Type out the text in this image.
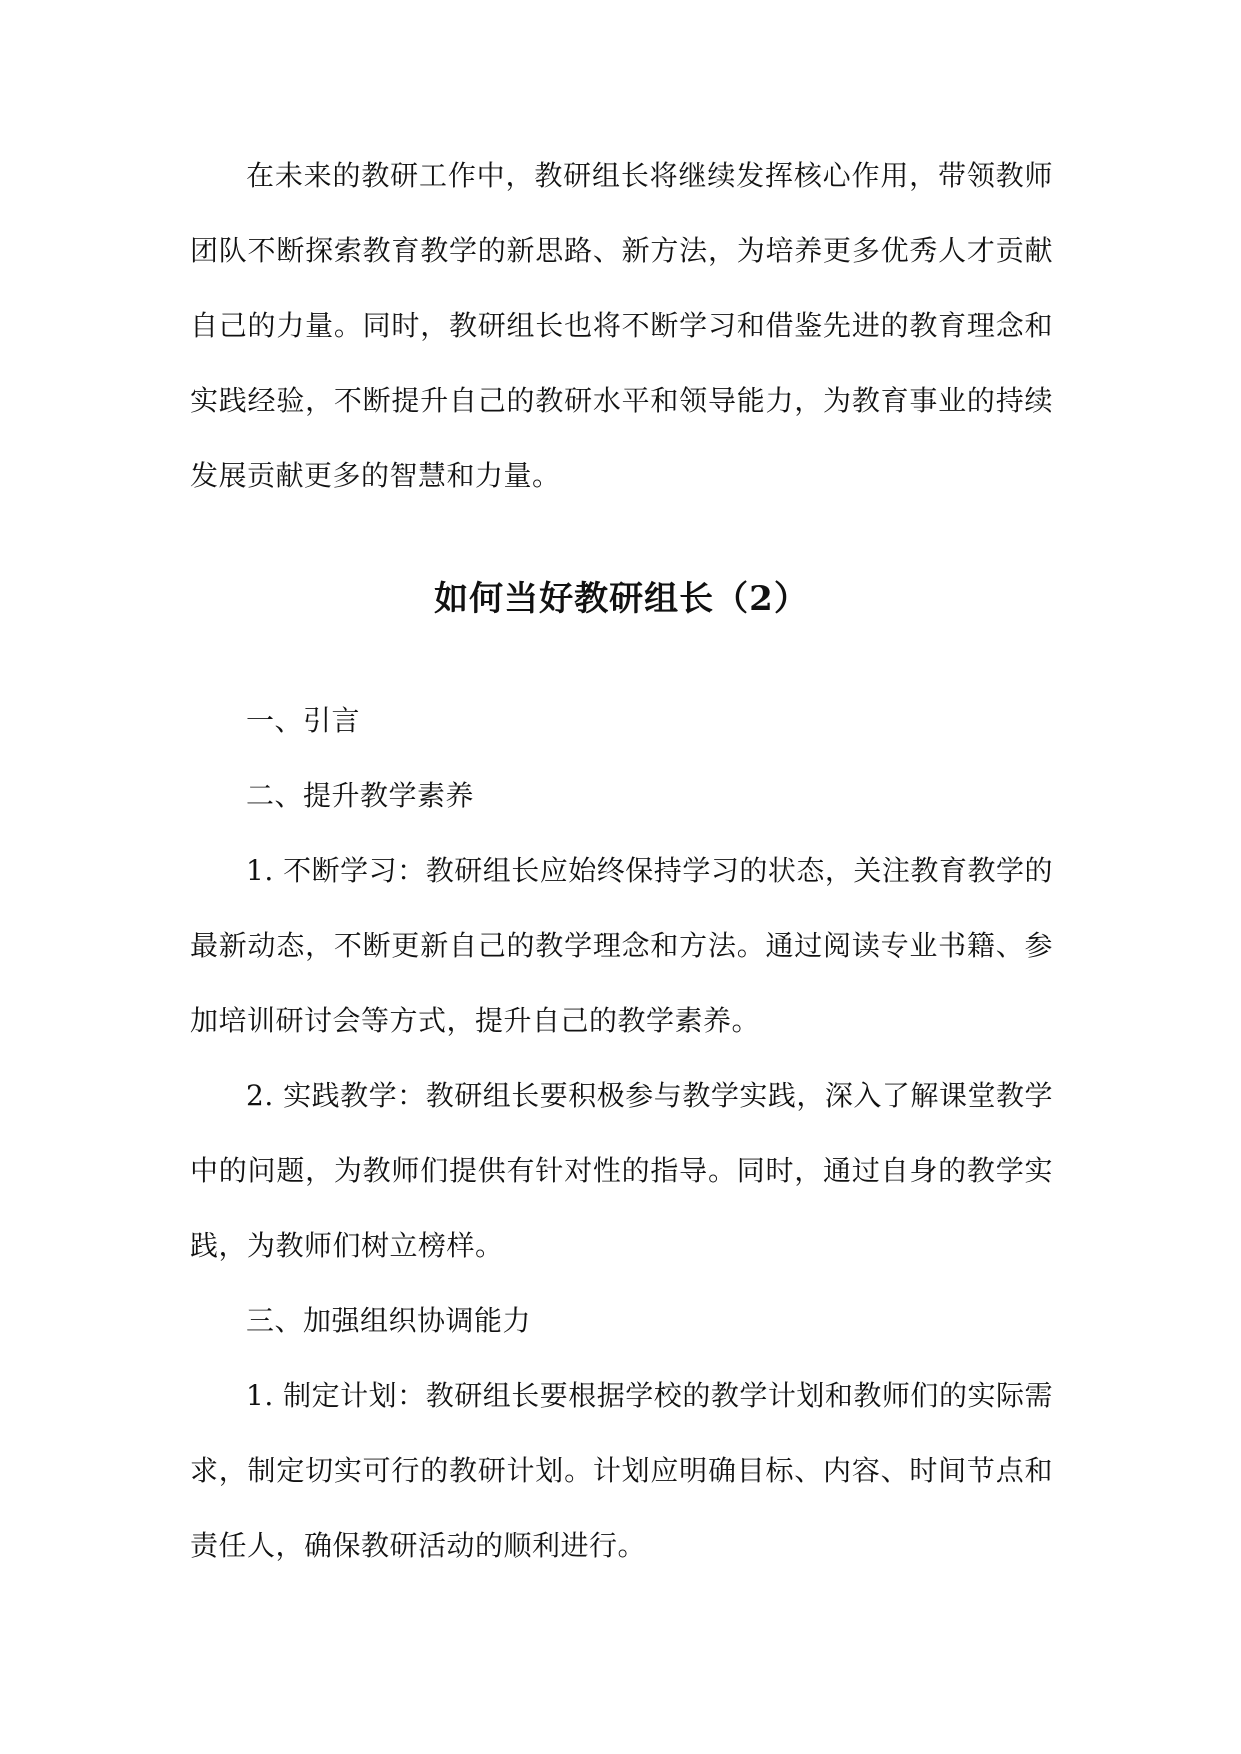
在未来的教研工作中，教研组长将继续发挥核心作用，带领教师团队不断探索教育教学的新思路、新方法，为培养更多优秀人才贡献自己的力量。同时，教研组长也将不断学习和借鉴先进的教育理念和实践经验，不断提升自己的教研水平和领导能力，为教育事业的持续发展贡献更多的智慧和力量。

如何当好教研组长（2）

一、引言

二、提升教学素养

1. 不断学习：教研组长应始终保持学习的状态，关注教育教学的最新动态，不断更新自己的教学理念和方法。通过阅读专业书籍、参加培训研讨会等方式，提升自己的教学素养。

2. 实践教学：教研组长要积极参与教学实践，深入了解课堂教学中的问题，为教师们提供有针对性的指导。同时，通过自身的教学实践，为教师们树立榜样。

三、加强组织协调能力

1. 制定计划：教研组长要根据学校的教学计划和教师们的实际需求，制定切实可行的教研计划。计划应明确目标、内容、时间节点和责任人，确保教研活动的顺利进行。
